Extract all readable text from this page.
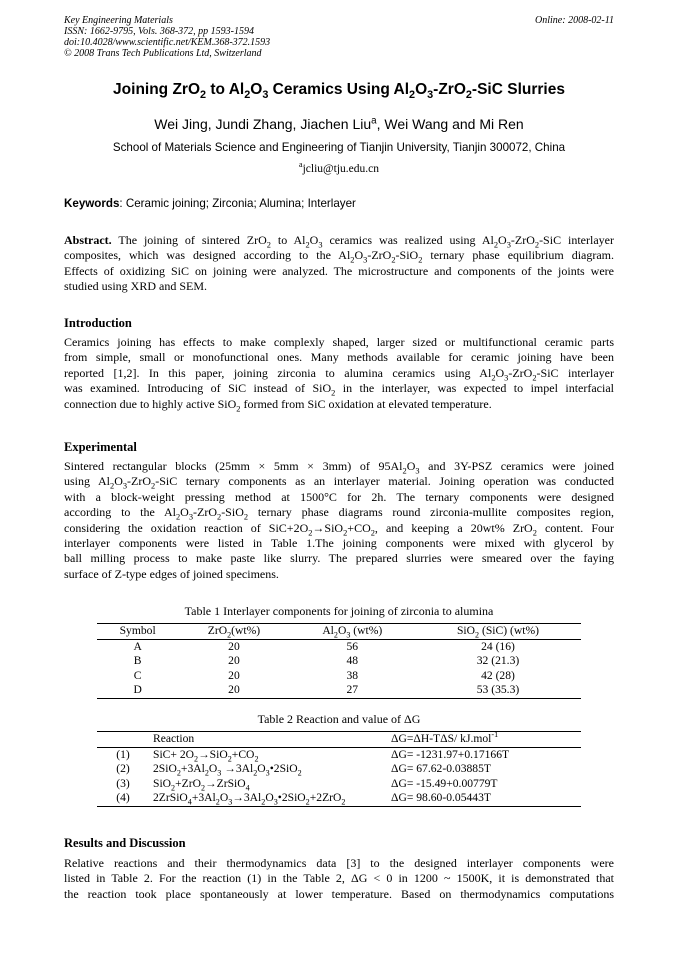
Key Engineering Materials
ISSN: 1662-9795, Vols. 368-372, pp 1593-1594
doi:10.4028/www.scientific.net/KEM.368-372.1593
© 2008 Trans Tech Publications Ltd, Switzerland
Online: 2008-02-11
Joining ZrO$_2$ to $Al_2O_3$ Ceramics Using $Al_2O_3-ZrO_2$-SiC Slurries
Wei Jing, Jundi Zhang, Jiachen Liu$^a$, Wei Wang and Mi Ren
School of Materials Science and Engineering of Tianjin University, Tianjin 300072, China
$^a$jcliu@tju.edu.cn
Keywords: Ceramic joining; Zirconia; Alumina; Interlayer
Abstract. The joining of sintered ZrO$_2$ to $Al_2O_3$ ceramics was realized using $Al_2O_3-ZrO_2$-SiC interlayer
composites, which was designed according to the $Al_2O_3-ZrO_2-SiO_2$ ternary phase equilibrium diagram.
Effects of oxidizing SiC on joining were analyzed. The microstructure and components of the joints were
studied using XRD and SEM.
Introduction
Ceramics joining has effects to make complexly shaped, larger sized or multifunctional ceramic parts
from simple, small or monofunctional ones. Many methods available for ceramic joining have been
reported [1,2]. In this paper, joining zirconia to alumina ceramics using $Al_2O_3-ZrO_2$-SiC interlayer
was examined. Introducing of SiC instead of SiO$_2$ in the interlayer, was expected to impel interfacial
connection due to highly active SiO$_2$ formed from SiC oxidation at elevated temperature.
Experimental
Sintered rectangular blocks (25mm × 5mm × 3mm) of $95Al_2O_3$ and 3Y-PSZ ceramics were joined
using $Al_2O_3-ZrO_2$-SiC ternary components as an interlayer material. Joining operation was conducted
with a block-weight pressing method at 1500°C for 2h. The ternary components were designed
according to the $Al_2O_3-ZrO_2-SiO_2$ ternary phase diagrams round zirconia-mullite composites region,
considering the oxidation reaction of $SiC+2O_2\to SiO_2+CO_2$, and keeping a 20wt% ZrO$_2$ content. Four
interlayer components were listed in Table 1.The joining components were mixed with glycerol by
ball milling process to make paste like slurry. The prepared slurries were smeared over the faying
surface of Z-type edges of joined specimens.
Table 1 Interlayer components for joining of zirconia to alumina
Symbol	ZrO$_2$(wt%)	$Al_2O_3$ (wt%)	SiO$_2$ (SiC) (wt%)
A	20	56	24 (16)
B	20	48	32 (21.3)
C	20	38	42 (28)
D	20	27	53 (35.3)
Table 2 Reaction and value of ΔG
	Reaction	ΔG=ΔH-TΔS/ kJ.mol$^{-1}$
(1)	$SiC+ 2O_2\to SiO_2+CO_2$	ΔG= -1231.97+0.17166T
(2)	$2SiO_2+3Al_2O_3$ $\to 3Al_2O_3•2SiO_2$	ΔG= 67.62-0.03885T
(3)	SiO$_2$+ZrO$_2$→ZrSiO$_4$	ΔG= -15.49+0.00779T
(4)	$2ZrSiO_4+3Al_2O_3\to 3Al_2O_3•2SiO_2+2ZrO_2$	ΔG= 98.60-0.05443T
Results and Discussion
Relative reactions and their thermodynamics data [3] to the designed interlayer components were
listed in Table 2. For the reaction (1) in the Table 2, ΔG < 0 in 1200 ~ 1500K, it is demonstrated that
the reaction took place spontaneously at lower temperature. Based on thermodynamics computations
